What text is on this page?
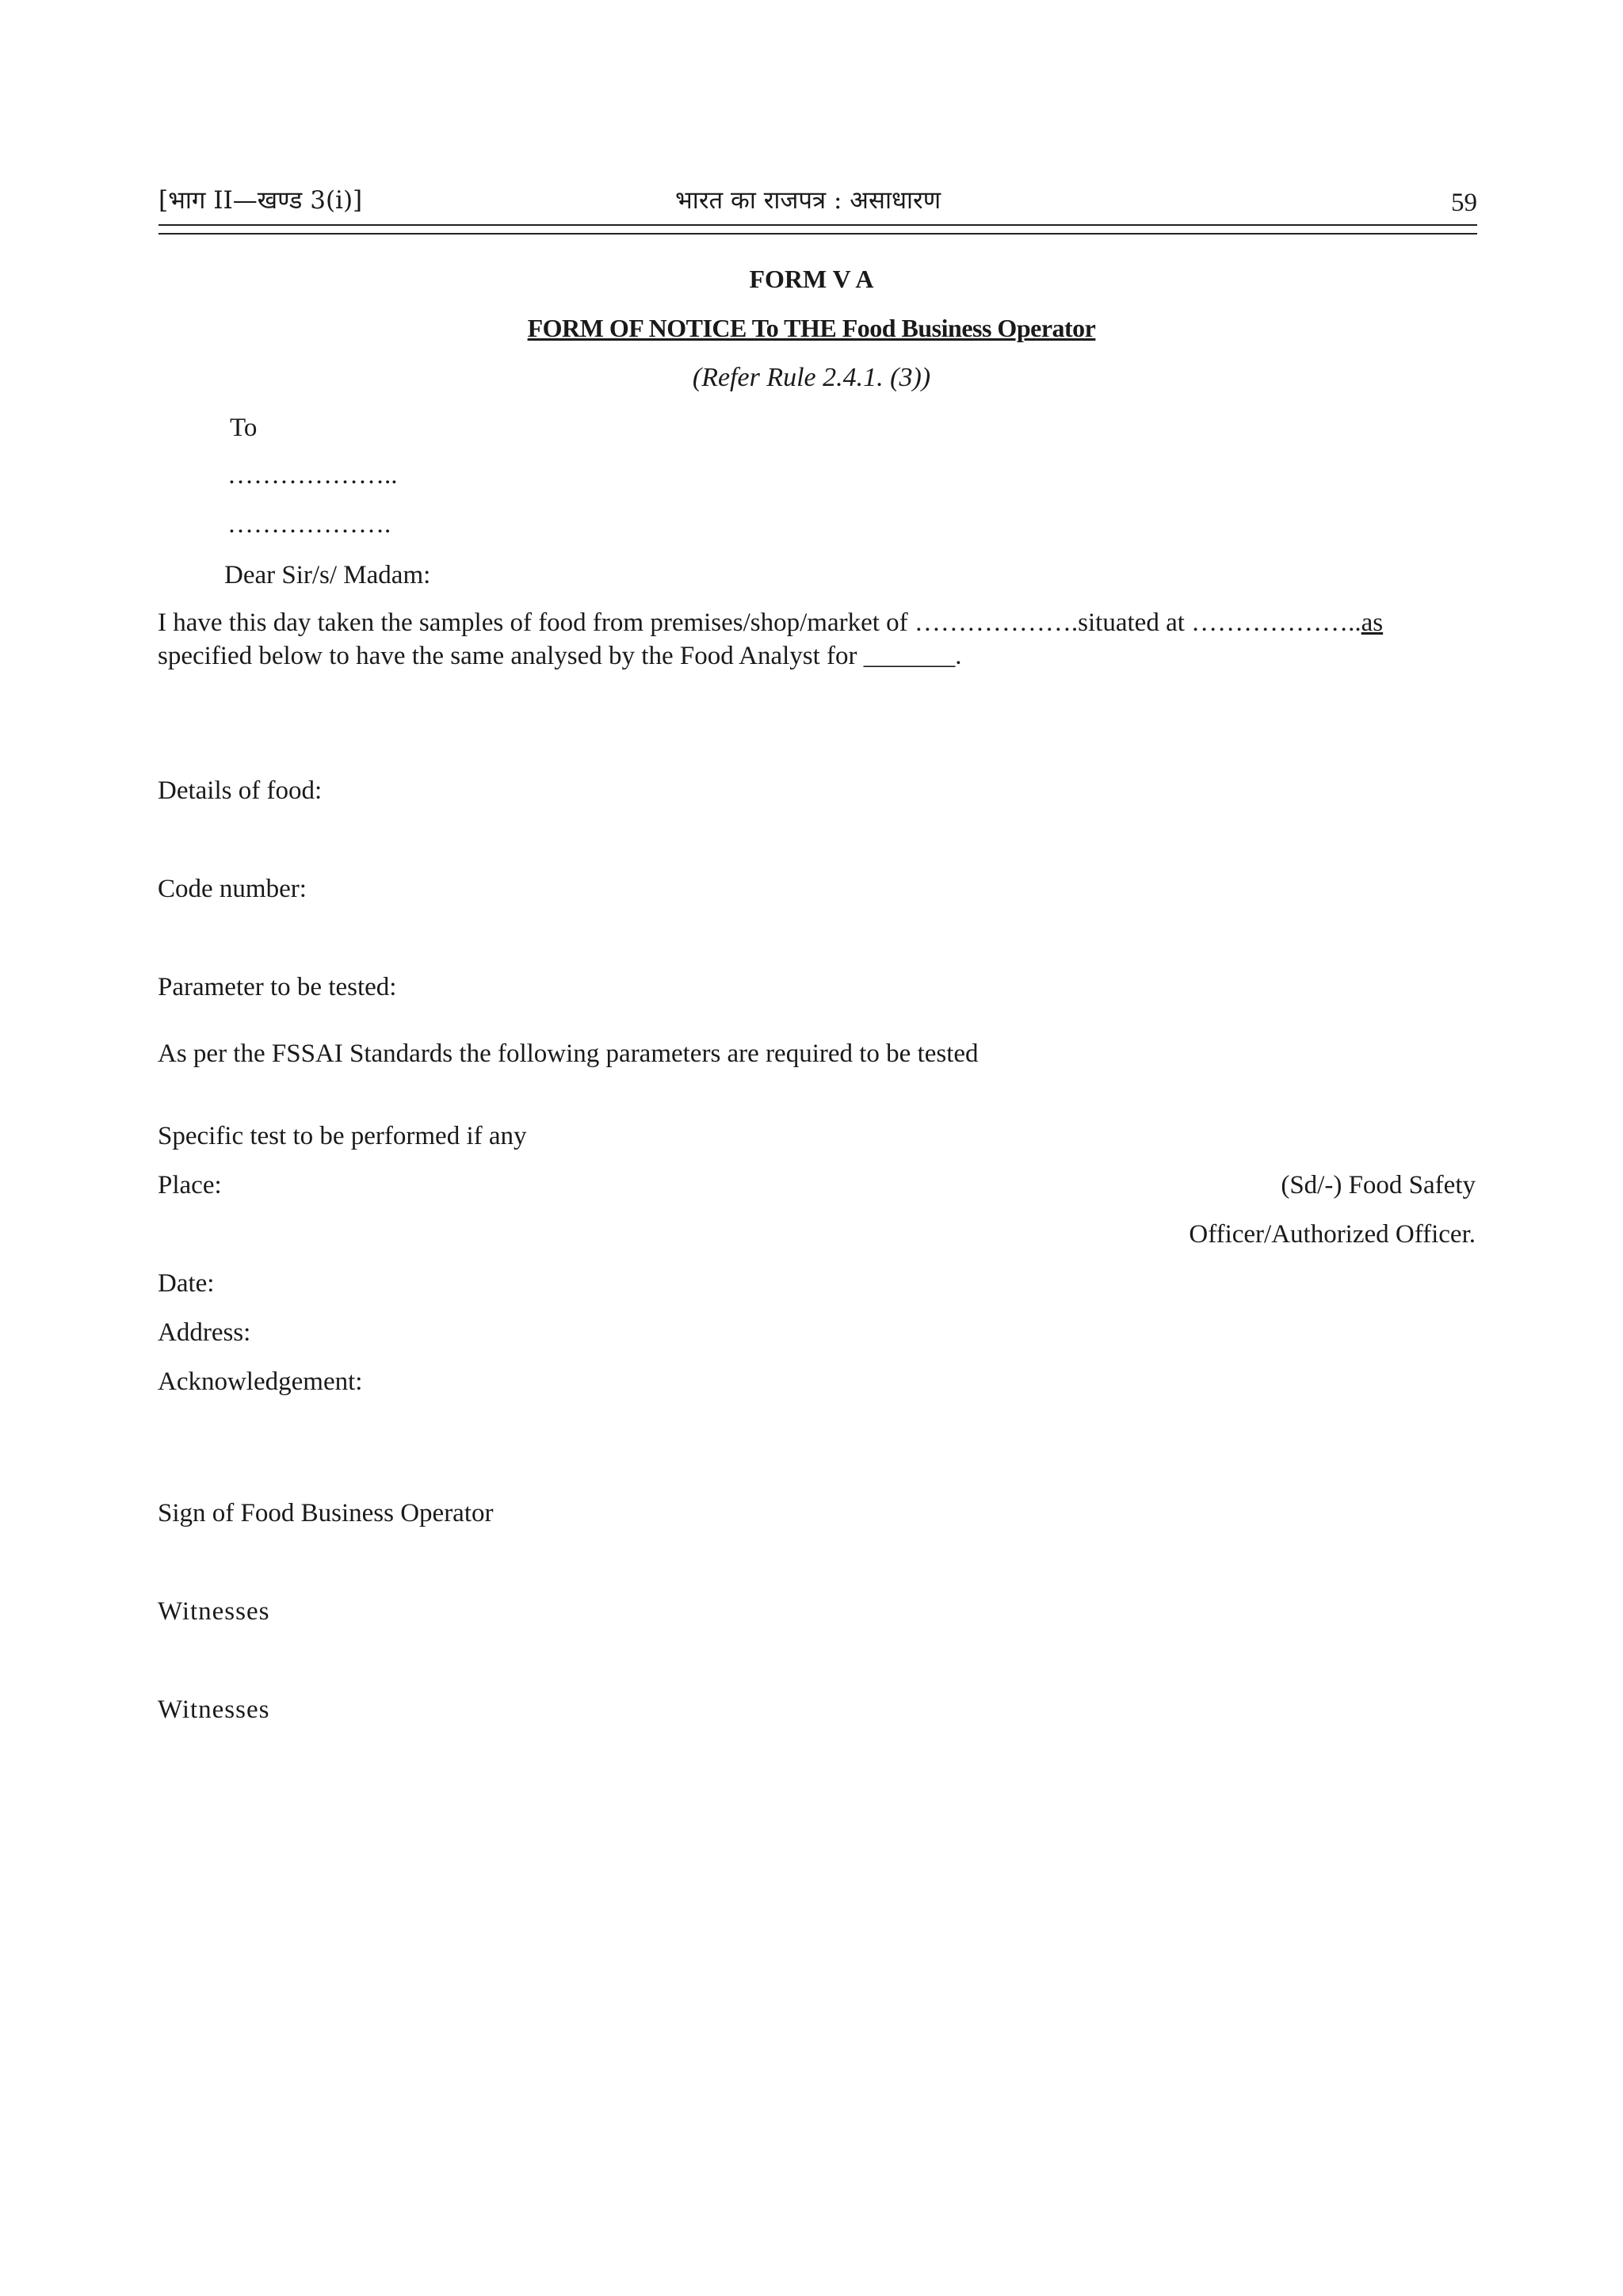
[भाग II—खण्ड 3(i)]	भारत का राजपत्र : असाधारण	59
FORM V A
FORM OF NOTICE To THE Food Business Operator
(Refer Rule 2.4.1. (3))
To
………………..
……………….
Dear Sir/s/ Madam:
I have this day taken the samples of food from premises/shop/market of ……………….situated at ………………..as
specified below to have the same analysed by the Food Analyst for _______.
Details of food:
Code number:
Parameter to be tested:
As per the FSSAI Standards the following parameters are required to be tested
Specific test to be performed if any
Place:	(Sd/-) Food Safety
Officer/Authorized Officer.
Date:
Address:
Acknowledgement:
Sign of Food Business Operator
Witnesses
Witnesses
